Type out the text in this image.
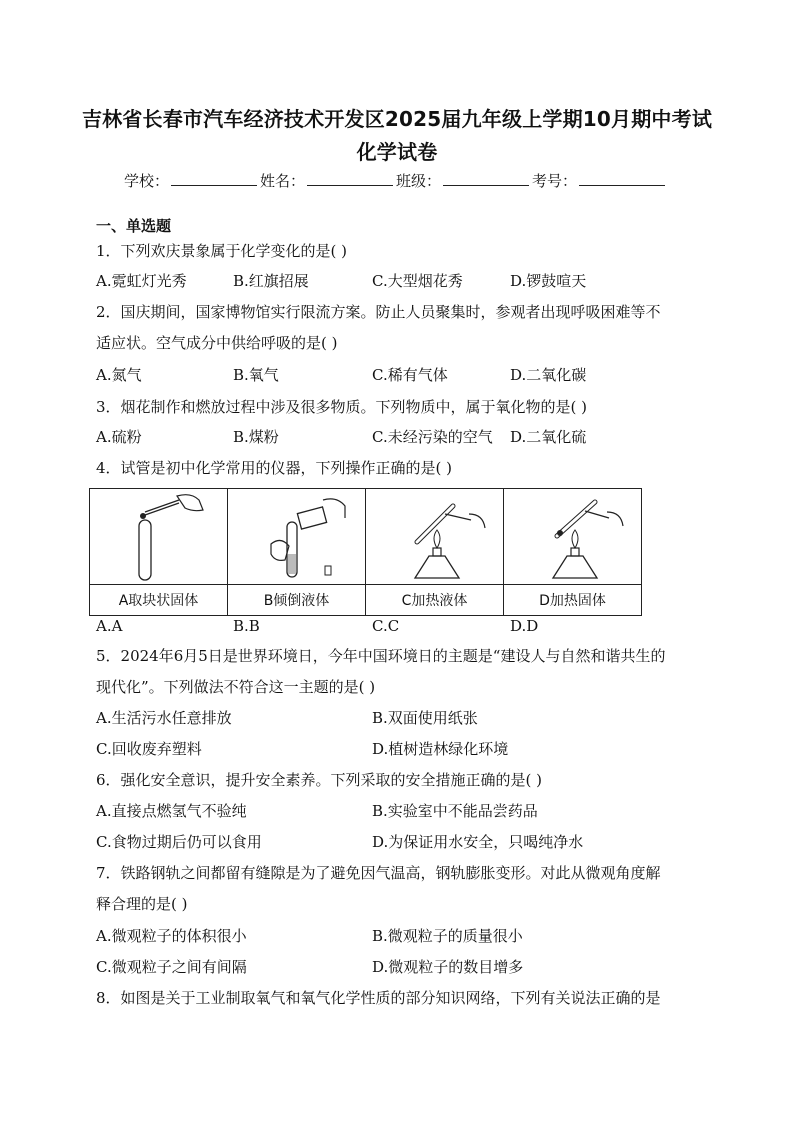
吉林省长春市汽车经济技术开发区2025届九年级上学期10月期中考试
化学试卷
学校：	姓名：	班级：	考号：
一、单选题
1．下列欢庆景象属于化学变化的是( )
A.霓虹灯光秀	B.红旗招展	C.大型烟花秀	D.锣鼓喧天
2．国庆期间，国家博物馆实行限流方案。防止人员聚集时，参观者出现呼吸困难等不
适应状。空气成分中供给呼吸的是( )
A.氮气	B.氧气	C.稀有气体	D.二氧化碳
3．烟花制作和燃放过程中涉及很多物质。下列物质中，属于氧化物的是( )
A.硫粉	B.煤粉	C.未经污染的空气 D.二氧化硫
4．试管是初中化学常用的仪器，下列操作正确的是( )

A取块状固体	B倾倒液体	C加热液体	D加热固体
A.A	B.B	C.C	D.D
5．2024年6月5日是世界环境日，今年中国环境日的主题是“建设人与自然和谐共生的
现代化”。下列做法不符合这一主题的是( )
A.生活污水任意排放	B.双面使用纸张
C.回收废弃塑料	D.植树造林绿化环境
6．强化安全意识，提升安全素养。下列采取的安全措施正确的是( )
A.直接点燃氢气不验纯	B.实验室中不能品尝药品
C.食物过期后仍可以食用	D.为保证用水安全，只喝纯净水
7．铁路钢轨之间都留有缝隙是为了避免因气温高，钢轨膨胀变形。对此从微观角度解
释合理的是( )
A.微观粒子的体积很小	B.微观粒子的质量很小
C.微观粒子之间有间隔	D.微观粒子的数目增多
8．如图是关于工业制取氧气和氧气化学性质的部分知识网络，下列有关说法正确的是
